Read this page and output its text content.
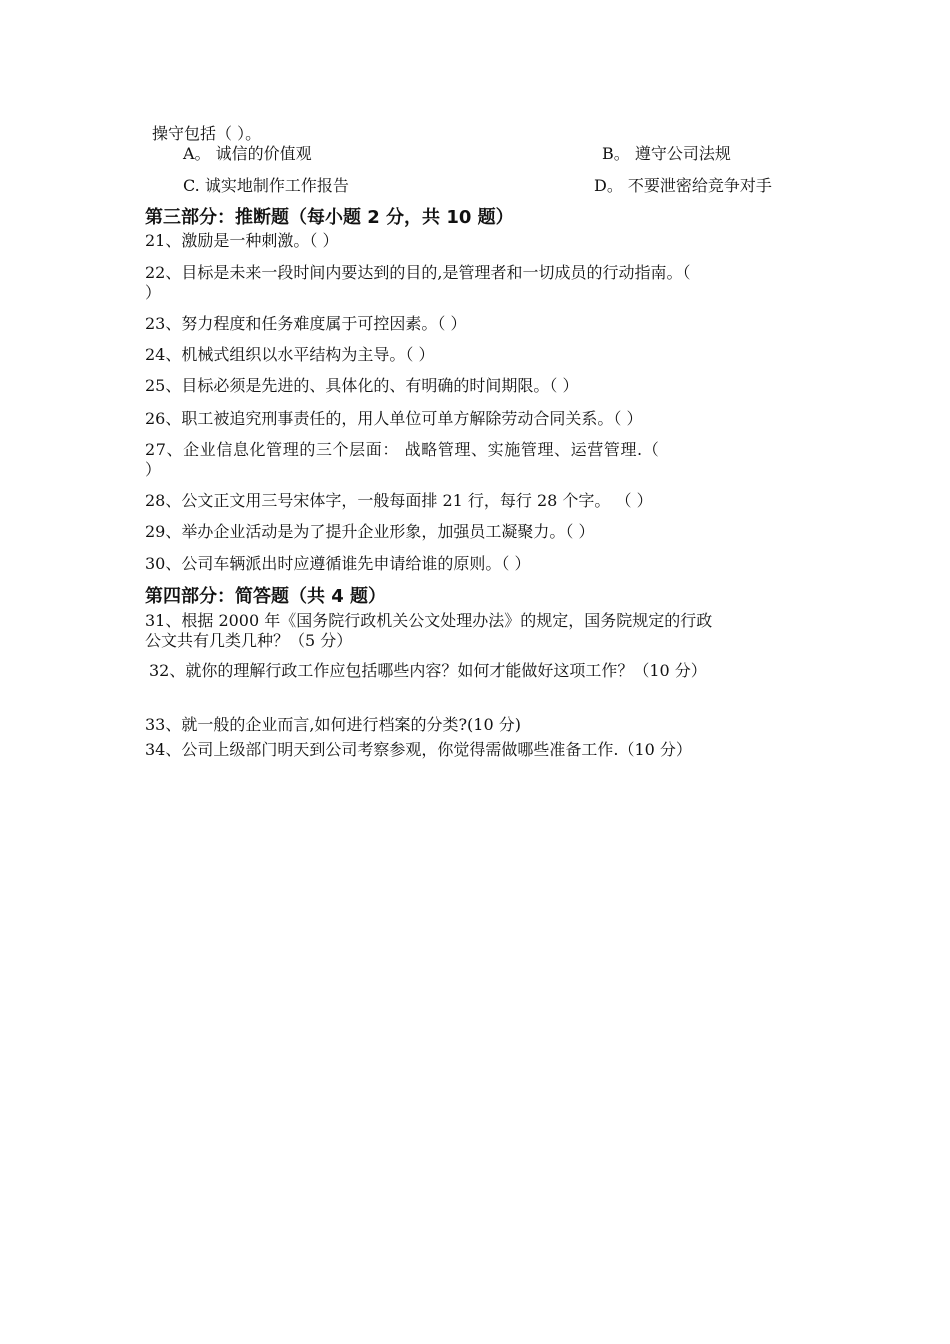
操守包括（ ）。
A。 诚信的价值观	B。 遵守公司法规
C. 诚实地制作工作报告	D。 不要泄密给竞争对手
第三部分：推断题（每小题 2 分，共 10 题）
21、激励是一种刺激。（ ）
22、目标是未来一段时间内要达到的目的,是管理者和一切成员的行动指南。（
）
23、努力程度和任务难度属于可控因素。（ ）
24、机械式组织以水平结构为主导。（ ）
25、目标必须是先进的、具体化的、有明确的时间期限。（ ）
26、职工被追究刑事责任的，用人单位可单方解除劳动合同关系。（ ）
27、企业信息化管理的三个层面： 战略管理、实施管理、运营管理.（
）
28、公文正文用三号宋体字，一般每面排 21 行，每行 28 个字。 （ ）
29、举办企业活动是为了提升企业形象，加强员工凝聚力。（ ）
30、公司车辆派出时应遵循谁先申请给谁的原则。（ ）
第四部分：简答题（共 4 题）
31、根据 2000 年《国务院行政机关公文处理办法》的规定，国务院规定的行政
公文共有几类几种？（5 分）
32、就你的理解行政工作应包括哪些内容？如何才能做好这项工作？（10 分）
33、就一般的企业而言,如何进行档案的分类?(10 分)
34、公司上级部门明天到公司考察参观，你觉得需做哪些准备工作.（10 分）
